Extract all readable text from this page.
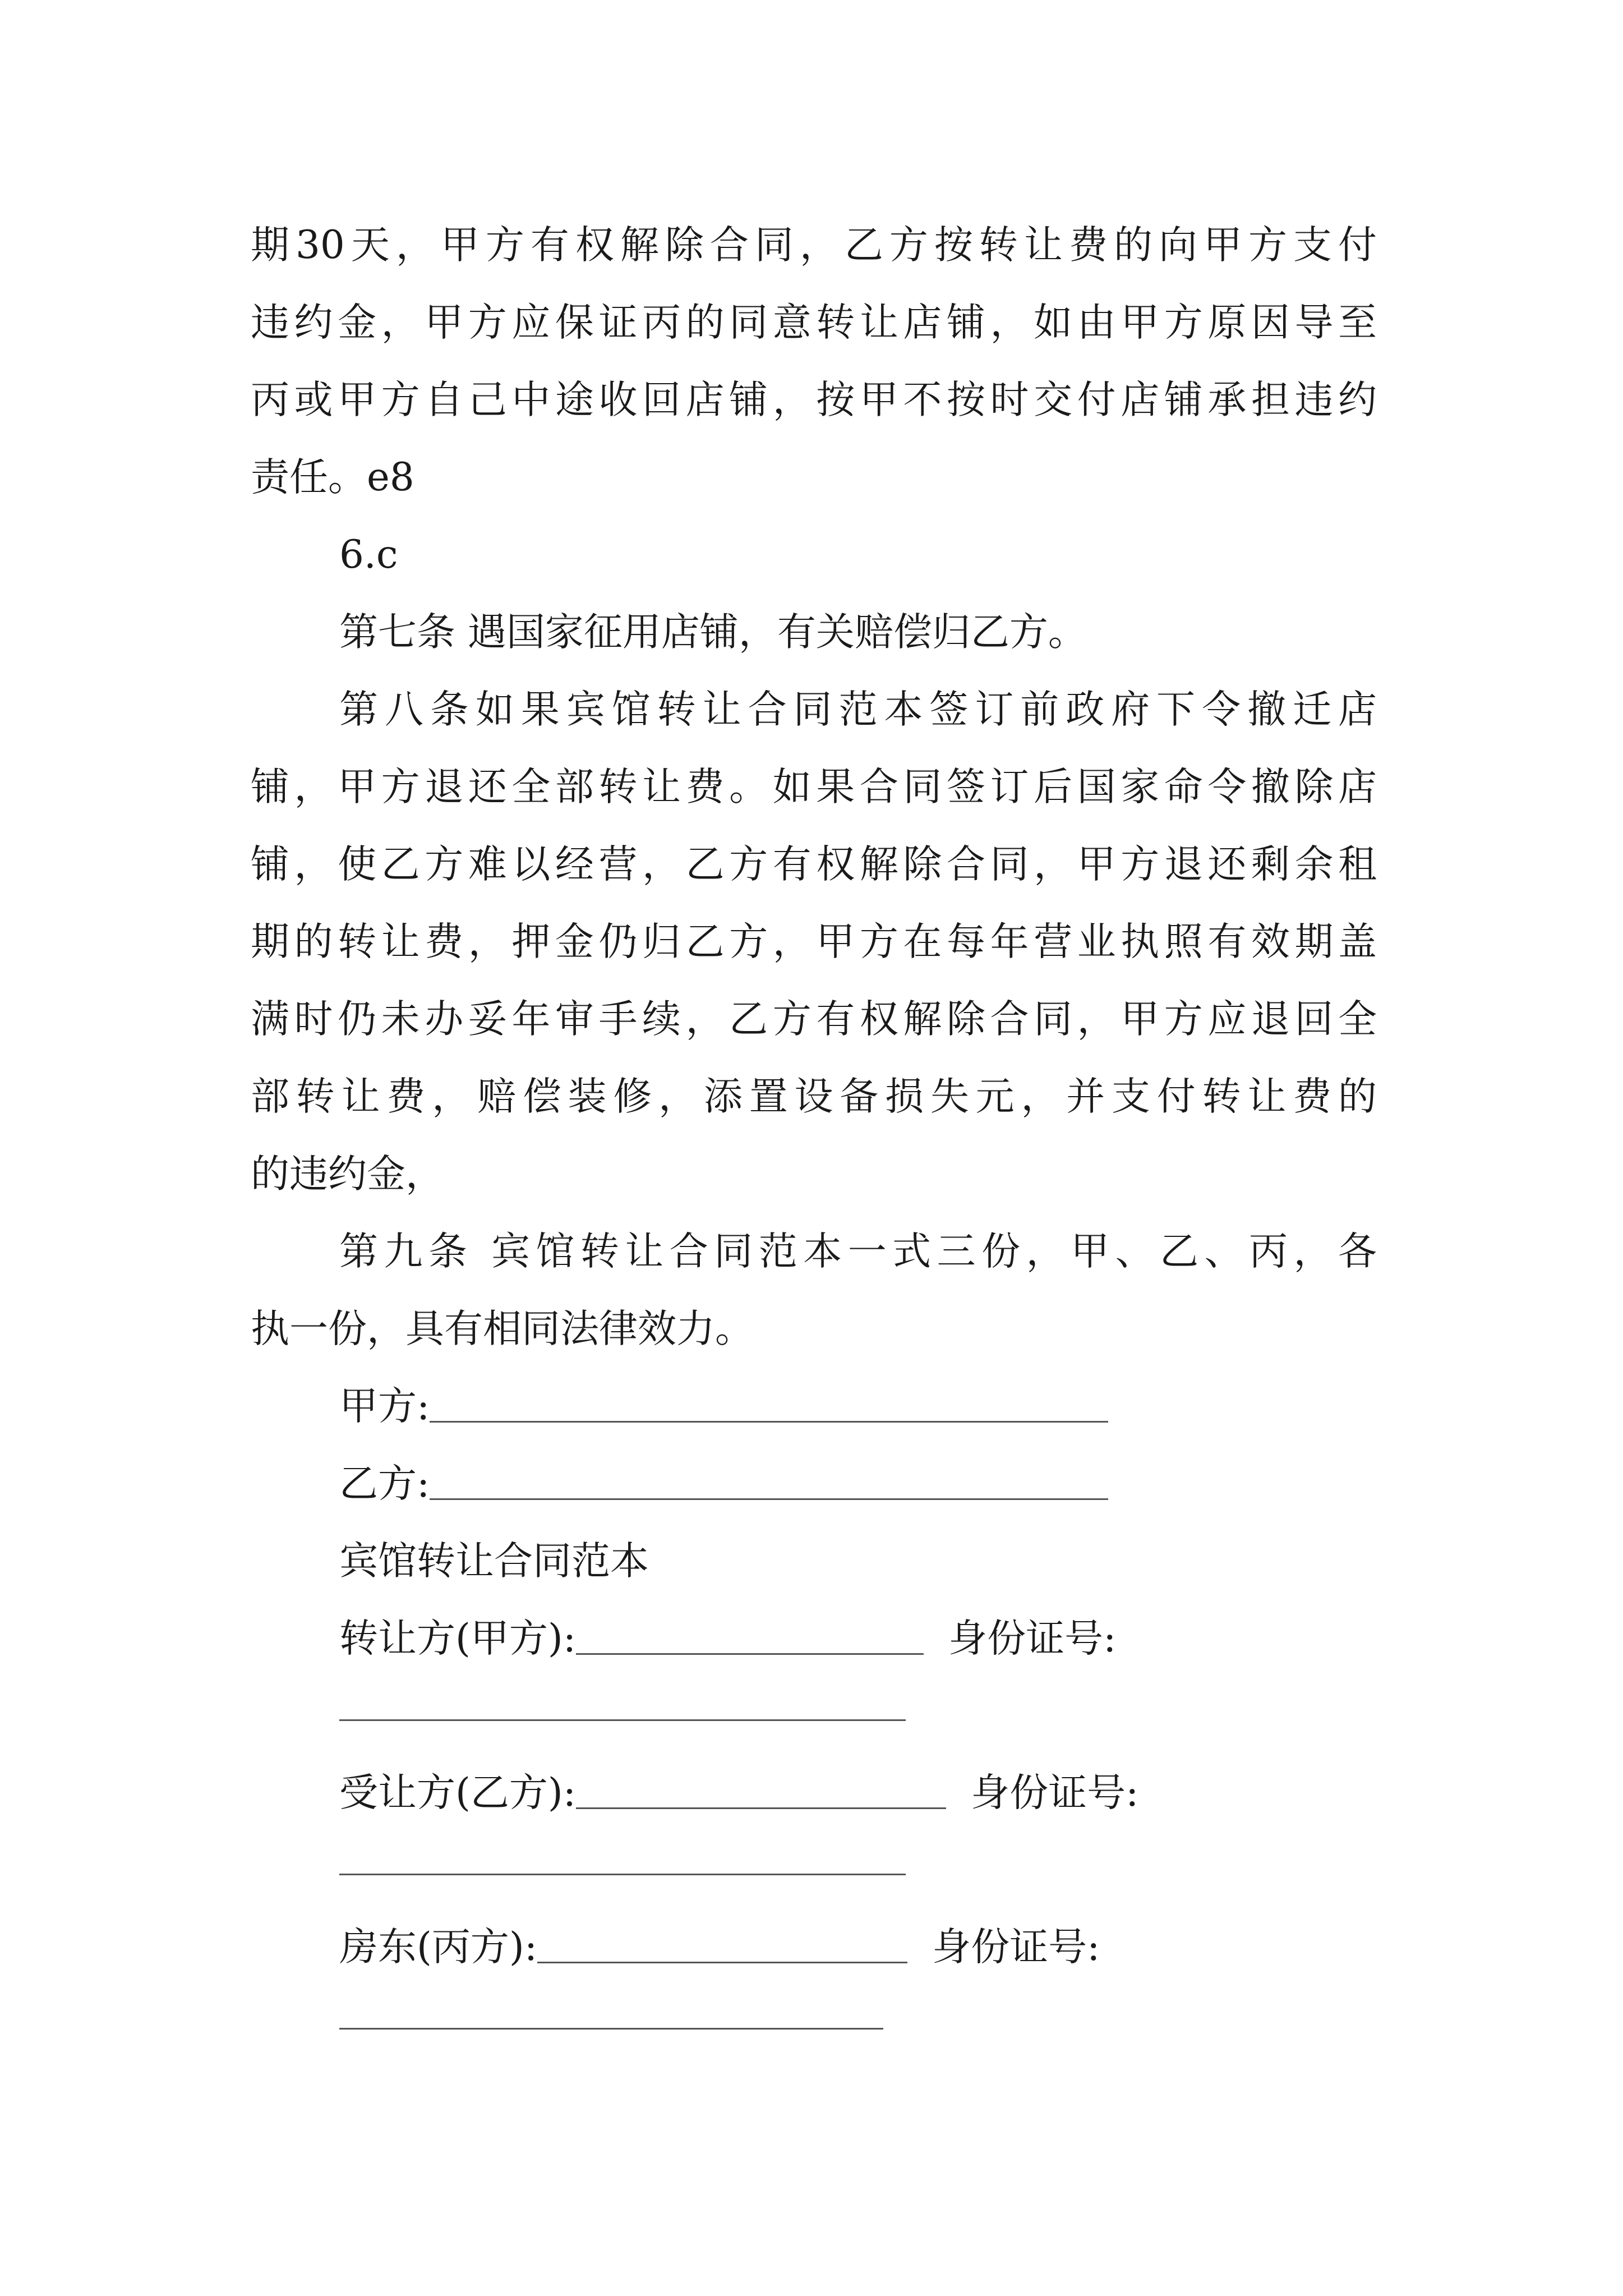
期30天，甲方有权解除合同，乙方按转让费的向甲方支付
违约金，甲方应保证丙的同意转让店铺，如由甲方原因导至
丙或甲方自己中途收回店铺，按甲不按时交付店铺承担违约
责任。e8
6.c
第七条 遇国家征用店铺，有关赔偿归乙方。
第八条如果宾馆转让合同范本签订前政府下令撤迁店
铺，甲方退还全部转让费。如果合同签订后国家命令撤除店
铺，使乙方难以经营，乙方有权解除合同，甲方退还剩余租
期的转让费，押金仍归乙方，甲方在每年营业执照有效期盖
满时仍未办妥年审手续，乙方有权解除合同，甲方应退回全
部转让费，赔偿装修，添置设备损失元，并支付转让费的
的违约金，
第九条 宾馆转让合同范本一式三份，甲、乙、丙，各
执一份，具有相同法律效力。
甲方:
乙方:
宾馆转让合同范本
转让方(甲方):	身份证号:
受让方(乙方):	身份证号:
房东(丙方):	身份证号:
